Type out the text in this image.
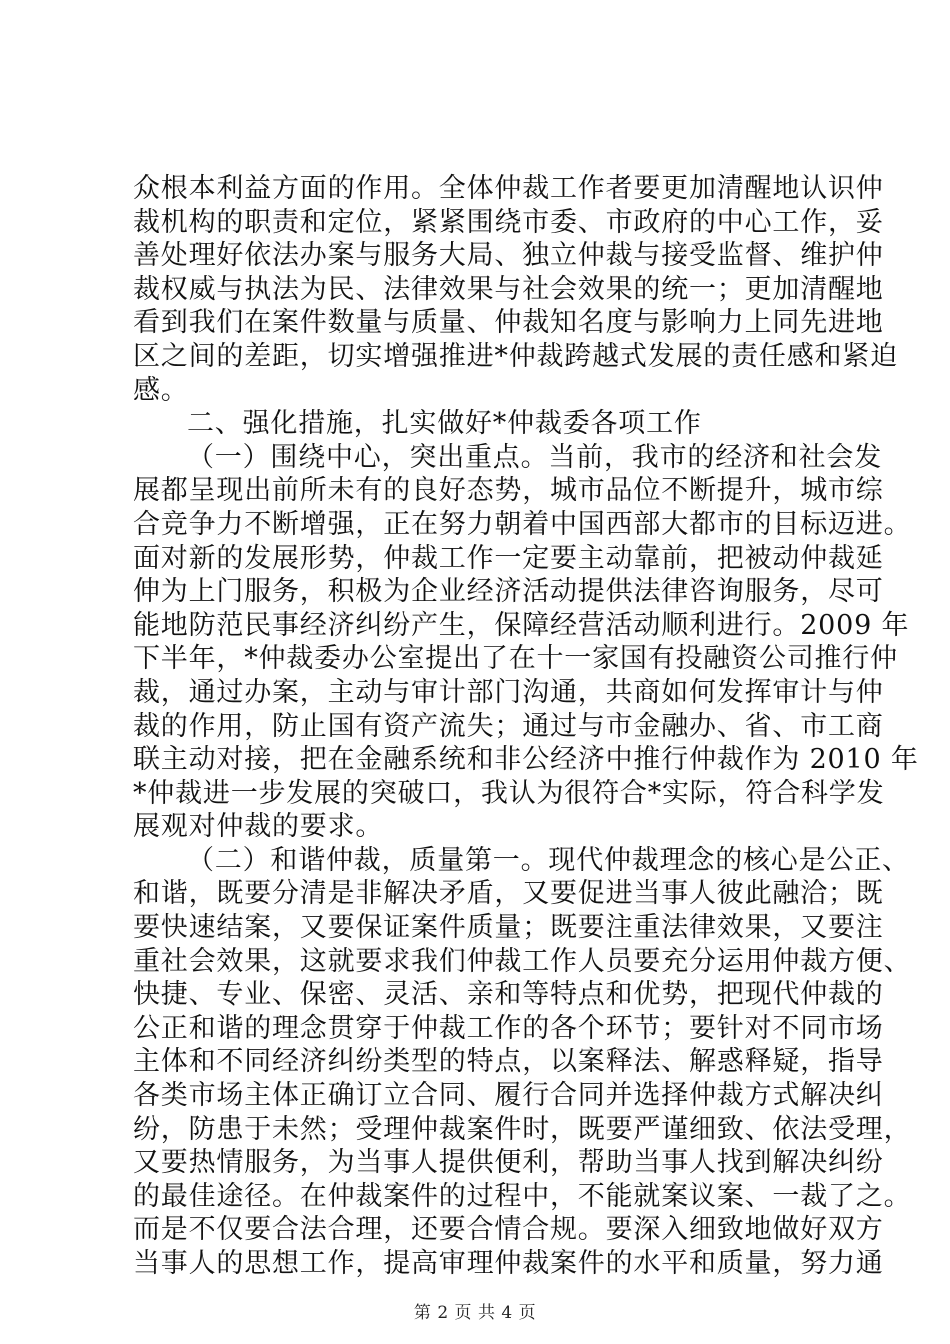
众根本利益方面的作用。全体仲裁工作者要更加清醒地认识仲
裁机构的职责和定位，紧紧围绕市委、市政府的中心工作，妥
善处理好依法办案与服务大局、独立仲裁与接受监督、维护仲
裁权威与执法为民、法律效果与社会效果的统一；更加清醒地
看到我们在案件数量与质量、仲裁知名度与影响力上同先进地
区之间的差距，切实增强推进*仲裁跨越式发展的责任感和紧迫
感。
二、强化措施，扎实做好*仲裁委各项工作
（一）围绕中心，突出重点。当前，我市的经济和社会发
展都呈现出前所未有的良好态势，城市品位不断提升，城市综
合竞争力不断增强，正在努力朝着中国西部大都市的目标迈进。
面对新的发展形势，仲裁工作一定要主动靠前，把被动仲裁延
伸为上门服务，积极为企业经济活动提供法律咨询服务，尽可
能地防范民事经济纠纷产生，保障经营活动顺利进行。2009 年
下半年，*仲裁委办公室提出了在十一家国有投融资公司推行仲
裁，通过办案，主动与审计部门沟通，共商如何发挥审计与仲
裁的作用，防止国有资产流失；通过与市金融办、省、市工商
联主动对接，把在金融系统和非公经济中推行仲裁作为 2010 年
*仲裁进一步发展的突破口，我认为很符合*实际，符合科学发
展观对仲裁的要求。
（二）和谐仲裁，质量第一。现代仲裁理念的核心是公正、
和谐，既要分清是非解决矛盾，又要促进当事人彼此融洽；既
要快速结案，又要保证案件质量；既要注重法律效果，又要注
重社会效果，这就要求我们仲裁工作人员要充分运用仲裁方便、
快捷、专业、保密、灵活、亲和等特点和优势，把现代仲裁的
公正和谐的理念贯穿于仲裁工作的各个环节；要针对不同市场
主体和不同经济纠纷类型的特点，以案释法、解惑释疑，指导
各类市场主体正确订立合同、履行合同并选择仲裁方式解决纠
纷，防患于未然；受理仲裁案件时，既要严谨细致、依法受理，
又要热情服务，为当事人提供便利，帮助当事人找到解决纠纷
的最佳途径。在仲裁案件的过程中，不能就案议案、一裁了之。
而是不仅要合法合理，还要合情合规。要深入细致地做好双方
当事人的思想工作，提高审理仲裁案件的水平和质量，努力通
第 2 页 共 4 页
